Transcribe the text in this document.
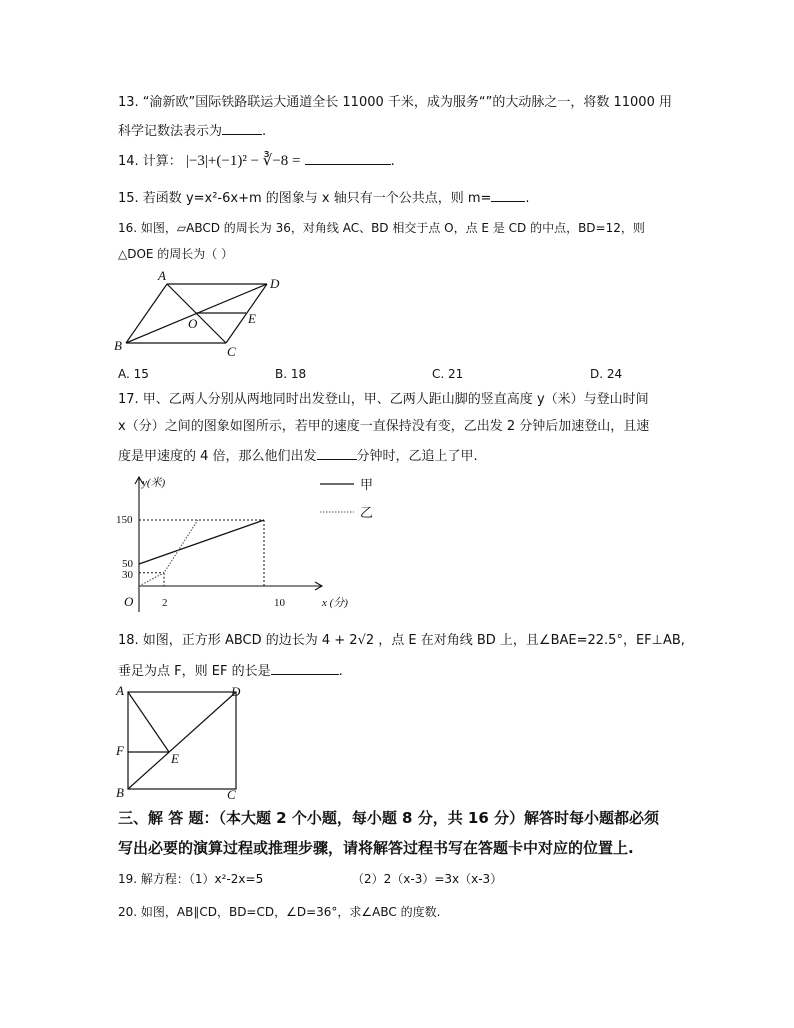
13. “渝新欧”国际铁路联运大通道全长 11000 千米，成为服务“”的大动脉之一，将数 11000 用
科学记数法表示为	.
14. 计算： |−3|+(−1)² − ∛−8 =	.
15. 若函数 y=x²-6x+m 的图象与 x 轴只有一个公共点，则 m=	.
16. 如图，▱ABCD 的周长为 36，对角线 AC、BD 相交于点 O，点 E 是 CD 的中点，BD=12，则
△DOE 的周长为（ ）
A
D
B	C
O	E
A. 15	B. 18	C. 21	D. 24
17. 甲、乙两人分别从两地同时出发登山，甲、乙两人距山脚的竖直高度 y（米）与登山时间
x（分）之间的图象如图所示，若甲的速度一直保持没有变，乙出发 2 分钟后加速登山，且速
度是甲速度的 4 倍，那么他们出发	分钟时，乙追上了甲.
y(米)
x (分)
O
150
50
30
2	10
甲
乙
18. 如图，正方形 ABCD 的边长为 4 + 2√2 ，点 E 在对角线 BD 上，且∠BAE=22.5°，EF⊥AB,
垂足为点 F，则 EF 的长是	.
A	D
F
E
B	C
三、解 答 题：（本大题 2 个小题，每小题 8 分，共 16 分）解答时每小题都必须
写出必要的演算过程或推理步骤，请将解答过程书写在答题卡中对应的位置上.
19. 解方程：（1）x²-2x=5	（2）2（x-3）=3x（x-3）
20. 如图，AB∥CD，BD=CD，∠D=36°，求∠ABC 的度数.
